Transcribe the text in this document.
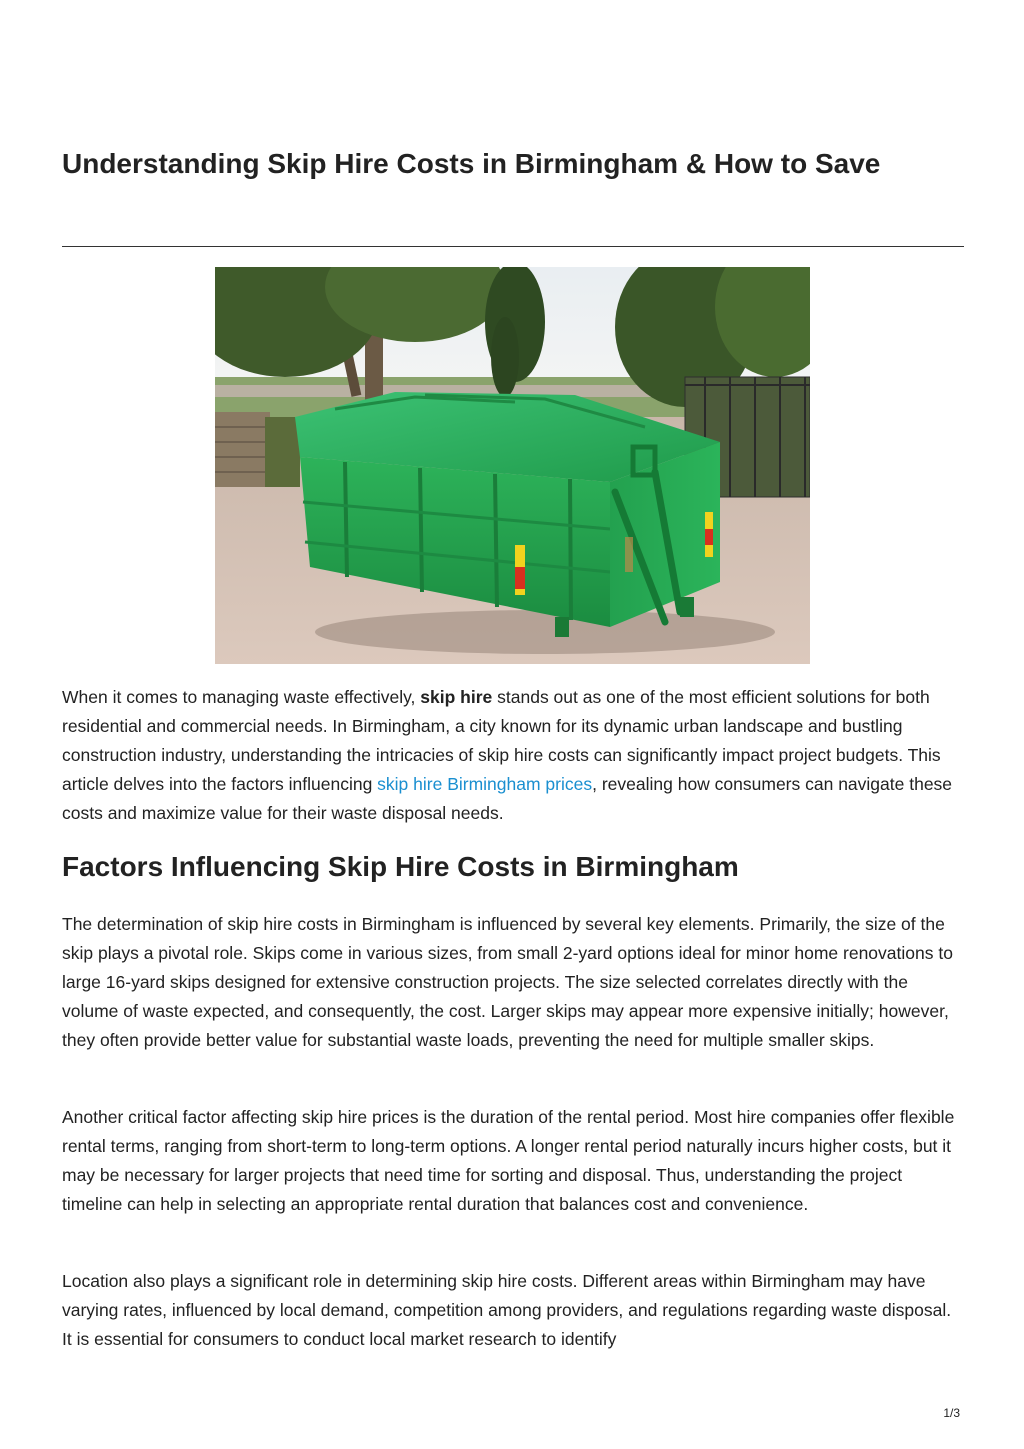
Understanding Skip Hire Costs in Birmingham & How to Save

When it comes to managing waste effectively, skip hire stands out as one of the most efficient solutions for both residential and commercial needs. In Birmingham, a city known for its dynamic urban landscape and bustling construction industry, understanding the intricacies of skip hire costs can significantly impact project budgets. This article delves into the factors influencing skip hire Birmingham prices, revealing how consumers can navigate these costs and maximize value for their waste disposal needs.

Factors Influencing Skip Hire Costs in Birmingham

The determination of skip hire costs in Birmingham is influenced by several key elements. Primarily, the size of the skip plays a pivotal role. Skips come in various sizes, from small 2-yard options ideal for minor home renovations to large 16-yard skips designed for extensive construction projects. The size selected correlates directly with the volume of waste expected, and consequently, the cost. Larger skips may appear more expensive initially; however, they often provide better value for substantial waste loads, preventing the need for multiple smaller skips.

Another critical factor affecting skip hire prices is the duration of the rental period. Most hire companies offer flexible rental terms, ranging from short-term to long-term options. A longer rental period naturally incurs higher costs, but it may be necessary for larger projects that need time for sorting and disposal. Thus, understanding the project timeline can help in selecting an appropriate rental duration that balances cost and convenience.

Location also plays a significant role in determining skip hire costs. Different areas within Birmingham may have varying rates, influenced by local demand, competition among providers, and regulations regarding waste disposal. It is essential for consumers to conduct local market research to identify

1/3
